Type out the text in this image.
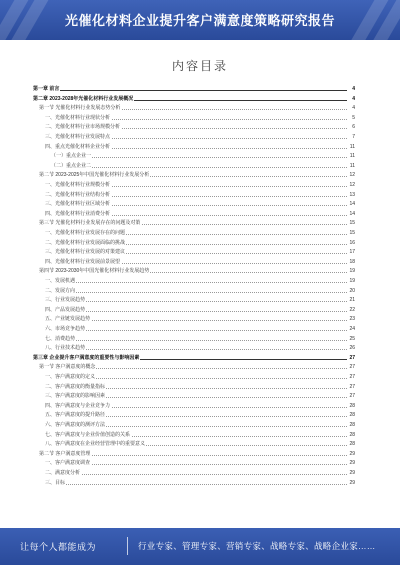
光催化材料企业提升客户满意度策略研究报告
内容目录
第一章 前言	4
第二章 2023-2028年光催化材料行业发展概况	4
第一节 光催化材料行业发展态势分析	4
一、光催化材料行业现状分析	5
二、光催化材料行业市场规模分析	6
三、光催化材料行业发展特点	7
四、重点光催化材料企业分析	11
（一）重点企业一	11
（二）重点企业二	11
第二节 2023-2025年中国光催化材料行业发展分析	12
一、光催化材料行业规模分析	12
二、光催化材料行业结构分析	13
三、光催化材料行业区域分析	14
四、光催化材料行业消费分析	14
第三节 光催化材料行业发展存在的问题及对策	15
一、光催化材料行业发展存在的问题	15
二、光催化材料行业发展面临的挑战	16
三、光催化材料行业发展的对策建议	17
四、光催化材料行业发展前景展望	18
第四节 2023-2030年中国光催化材料行业发展趋势	19
一、发展机遇	19
二、发展方向	20
三、行业发展趋势	21
四、产品发展趋势	22
五、产业链发展趋势	23
六、市场竞争趋势	24
七、消费趋势	25
八、行业技术趋势	26
第三章 企业提升客户满意度的重要性与影响因素	27
第一节 客户满意度的概念	27
一、客户满意度的定义	27
二、客户满意度的衡量指标	27
三、客户满意度的影响因素	27
四、客户满意度与企业竞争力	28
五、客户满意度的提升路径	28
六、客户满意度的测评方法	28
七、客户满意度与企业价值创造的关系	28
八、客户满意度在企业经营管理中的重要意义	28
第二节 客户满意度管理	29
一、客户满意度调查	29
二、满意度分析	29
三、目标	29
让每个人都能成为	行业专家、管理专家、营销专家、战略专家、战略企业家……
